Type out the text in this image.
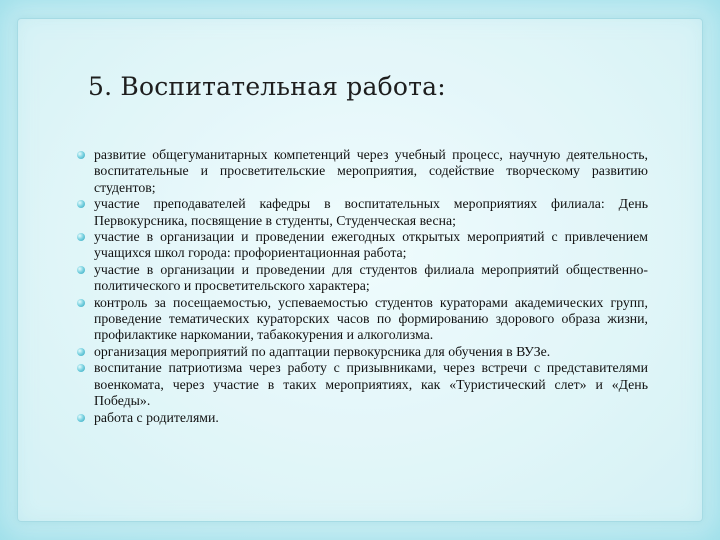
5. Воспитательная работа:
развитие общегуманитарных компетенций через учебный процесс, научную деятельность, воспитательные и просветительские мероприятия, содействие творческому развитию студентов;
участие преподавателей кафедры в воспитательных мероприятиях филиала: День Первокурсника, посвящение в студенты, Студенческая весна;
участие в организации и проведении ежегодных открытых мероприятий с привлечением учащихся школ города: профориентационная работа;
участие в организации и проведении для студентов филиала мероприятий общественно-политического и просветительского характера;
контроль за посещаемостью, успеваемостью студентов кураторами академических групп, проведение тематических кураторских часов по формированию здорового образа жизни, профилактике наркомании, табакокурения и алкоголизма.
организация мероприятий по адаптации первокурсника для обучения в ВУЗе.
воспитание патриотизма через работу с призывниками, через встречи с представителями военкомата, через участие в таких мероприятиях, как «Туристический слет» и «День Победы».
работа с родителями.
